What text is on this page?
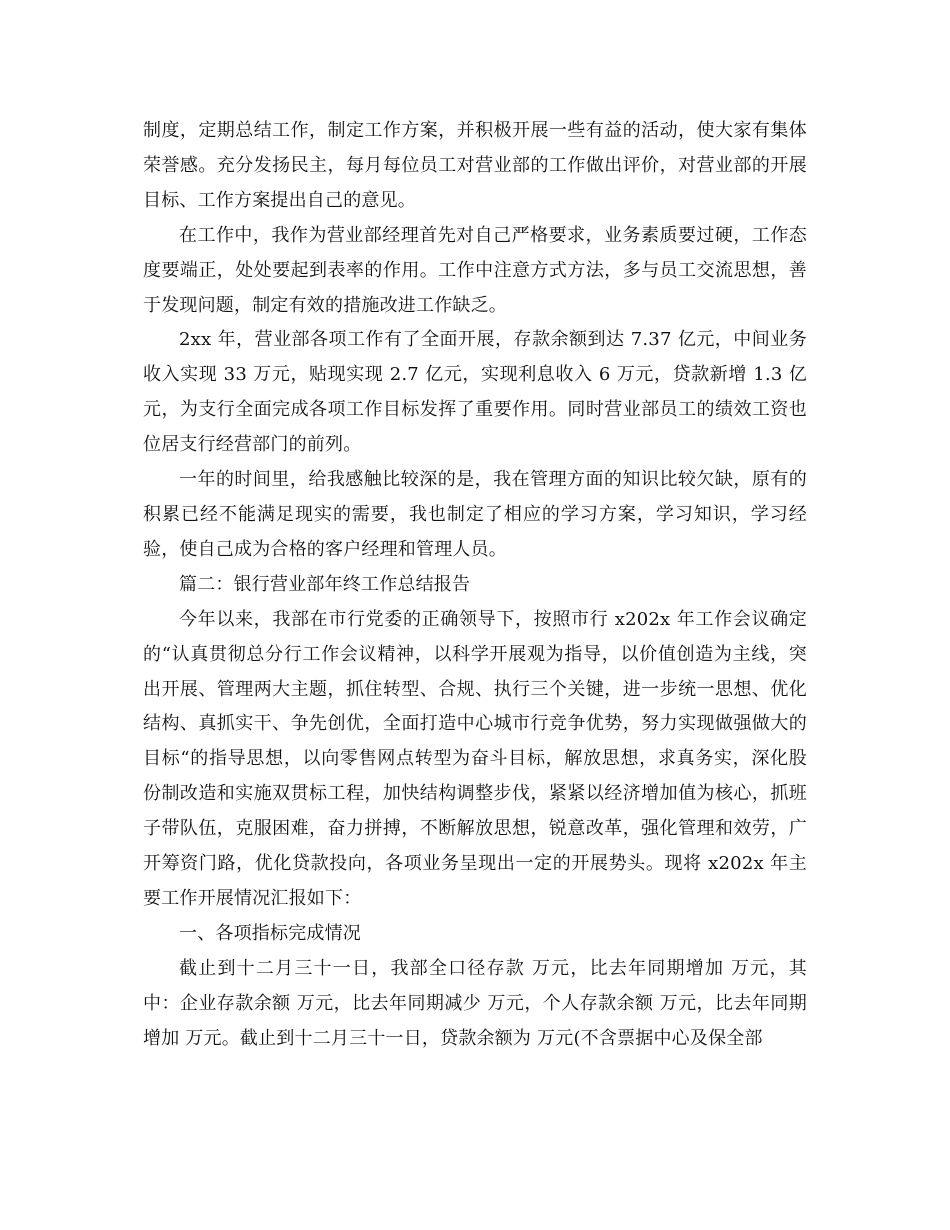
制度，定期总结工作，制定工作方案，并积极开展一些有益的活动，使大家有集体荣誉感。充分发扬民主，每月每位员工对营业部的工作做出评价，对营业部的开展目标、工作方案提出自己的意见。

在工作中，我作为营业部经理首先对自己严格要求，业务素质要过硬，工作态度要端正，处处要起到表率的作用。工作中注意方式方法，多与员工交流思想，善于发现问题，制定有效的措施改进工作缺乏。

2xx 年，营业部各项工作有了全面开展，存款余额到达 7.37 亿元，中间业务收入实现 33 万元，贴现实现 2.7 亿元，实现利息收入 6 万元，贷款新增 1.3 亿元，为支行全面完成各项工作目标发挥了重要作用。同时营业部员工的绩效工资也位居支行经营部门的前列。

一年的时间里，给我感触比较深的是，我在管理方面的知识比较欠缺，原有的积累已经不能满足现实的需要，我也制定了相应的学习方案，学习知识，学习经验，使自己成为合格的客户经理和管理人员。

篇二：银行营业部年终工作总结报告

今年以来，我部在市行党委的正确领导下，按照市行 x202x 年工作会议确定的“认真贯彻总分行工作会议精神，以科学开展观为指导，以价值创造为主线，突出开展、管理两大主题，抓住转型、合规、执行三个关键，进一步统一思想、优化结构、真抓实干、争先创优，全面打造中心城市行竞争优势，努力实现做强做大的目标“的指导思想，以向零售网点转型为奋斗目标，解放思想，求真务实，深化股份制改造和实施双贯标工程，加快结构调整步伐，紧紧以经济增加值为核心，抓班子带队伍，克服困难，奋力拼搏，不断解放思想，锐意改革，强化管理和效劳，广开筹资门路，优化贷款投向，各项业务呈现出一定的开展势头。现将 x202x 年主要工作开展情况汇报如下：

一、各项指标完成情况

截止到十二月三十一日，我部全口径存款 万元，比去年同期增加 万元，其中：企业存款余额 万元，比去年同期减少 万元，个人存款余额 万元，比去年同期增加 万元。截止到十二月三十一日，贷款余额为 万元(不含票据中心及保全部
